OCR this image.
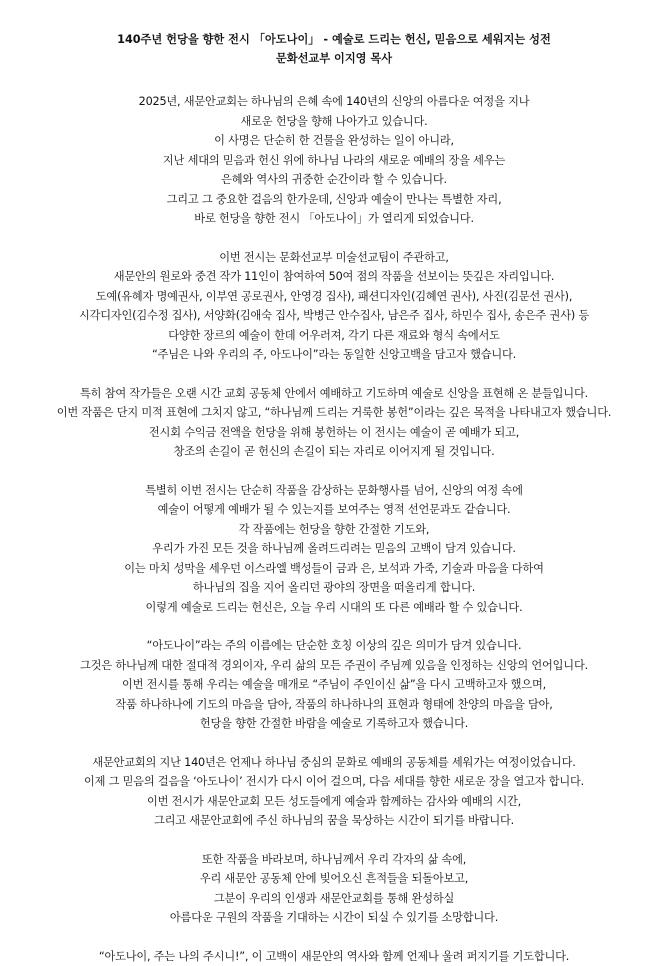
140주년 헌당을 향한 전시 「아도나이」 - 예술로 드리는 헌신, 믿음으로 세워지는 성전
문화선교부 이지영 목사
2025년, 새문안교회는 하나님의 은혜 속에 140년의 신앙의 아름다운 여정을 지나
새로운 헌당을 향해 나아가고 있습니다.
이 사명은 단순히 한 건물을 완성하는 일이 아니라,
지난 세대의 믿음과 헌신 위에 하나님 나라의 새로운 예배의 장을 세우는
은혜와 역사의 귀중한 순간이라 할 수 있습니다.
그리고 그 중요한 걸음의 한가운데, 신앙과 예술이 만나는 특별한 자리,
바로 헌당을 향한 전시 「아도나이」가 열리게 되었습니다.
이번 전시는 문화선교부 미술선교팀이 주관하고,
새문안의 원로와 중견 작가 11인이 참여하여 50여 점의 작품을 선보이는 뜻깊은 자리입니다.
도예(유혜자 명예권사, 이부연 공로권사, 안영경 집사), 패션디자인(김혜연 권사), 사진(김문선 권사),
시각디자인(김수정 집사), 서양화(김애숙 집사, 박병근 안수집사, 남은주 집사, 하민수 집사, 송은주 권사) 등
다양한 장르의 예술이 한데 어우러져, 각기 다른 재료와 형식 속에서도
“주님은 나와 우리의 주, 아도나이”라는 동일한 신앙고백을 담고자 했습니다.
특히 참여 작가들은 오랜 시간 교회 공동체 안에서 예배하고 기도하며 예술로 신앙을 표현해 온 분들입니다.
이번 작품은 단지 미적 표현에 그치지 않고, “하나님께 드리는 거룩한 봉헌”이라는 깊은 목적을 나타내고자 했습니다.
전시회 수익금 전액을 헌당을 위해 봉헌하는 이 전시는 예술이 곧 예배가 되고,
창조의 손길이 곧 헌신의 손길이 되는 자리로 이어지게 될 것입니다.
특별히 이번 전시는 단순히 작품을 감상하는 문화행사를 넘어, 신앙의 여정 속에
예술이 어떻게 예배가 될 수 있는지를 보여주는 영적 선언문과도 같습니다.
각 작품에는 헌당을 향한 간절한 기도와,
우리가 가진 모든 것을 하나님께 올려드리려는 믿음의 고백이 담겨 있습니다.
이는 마치 성막을 세우던 이스라엘 백성들이 금과 은, 보석과 가죽, 기술과 마음을 다하여
하나님의 집을 지어 올리던 광야의 장면을 떠올리게 합니다.
이렇게 예술로 드리는 헌신은, 오늘 우리 시대의 또 다른 예배라 할 수 있습니다.
“아도나이”라는 주의 이름에는 단순한 호칭 이상의 깊은 의미가 담겨 있습니다.
그것은 하나님께 대한 절대적 경외이자, 우리 삶의 모든 주권이 주님께 있음을 인정하는 신앙의 언어입니다.
이번 전시를 통해 우리는 예술을 매개로 “주님이 주인이신 삶”을 다시 고백하고자 했으며,
작품 하나하나에 기도의 마음을 담아, 작품의 하나하나의 표현과 형태에 찬양의 마음을 담아,
헌당을 향한 간절한 바람을 예술로 기록하고자 했습니다.
새문안교회의 지난 140년은 언제나 하나님 중심의 문화로 예배의 공동체를 세워가는 여정이었습니다.
이제 그 믿음의 걸음을 ‘아도나이’ 전시가 다시 이어 걸으며, 다음 세대를 향한 새로운 장을 열고자 합니다.
이번 전시가 새문안교회 모든 성도들에게 예술과 함께하는 감사와 예배의 시간,
그리고 새문안교회에 주신 하나님의 꿈을 묵상하는 시간이 되기를 바랍니다.
또한 작품을 바라보며, 하나님께서 우리 각자의 삶 속에,
우리 새문안 공동체 안에 빚어오신 흔적들을 되돌아보고,
그분이 우리의 인생과 새문안교회를 통해 완성하실
아름다운 구원의 작품을 기대하는 시간이 되실 수 있기를 소망합니다.
“아도나이, 주는 나의 주시니!”, 이 고백이 새문안의 역사와 함께 언제나 울려 퍼지기를 기도합니다.
